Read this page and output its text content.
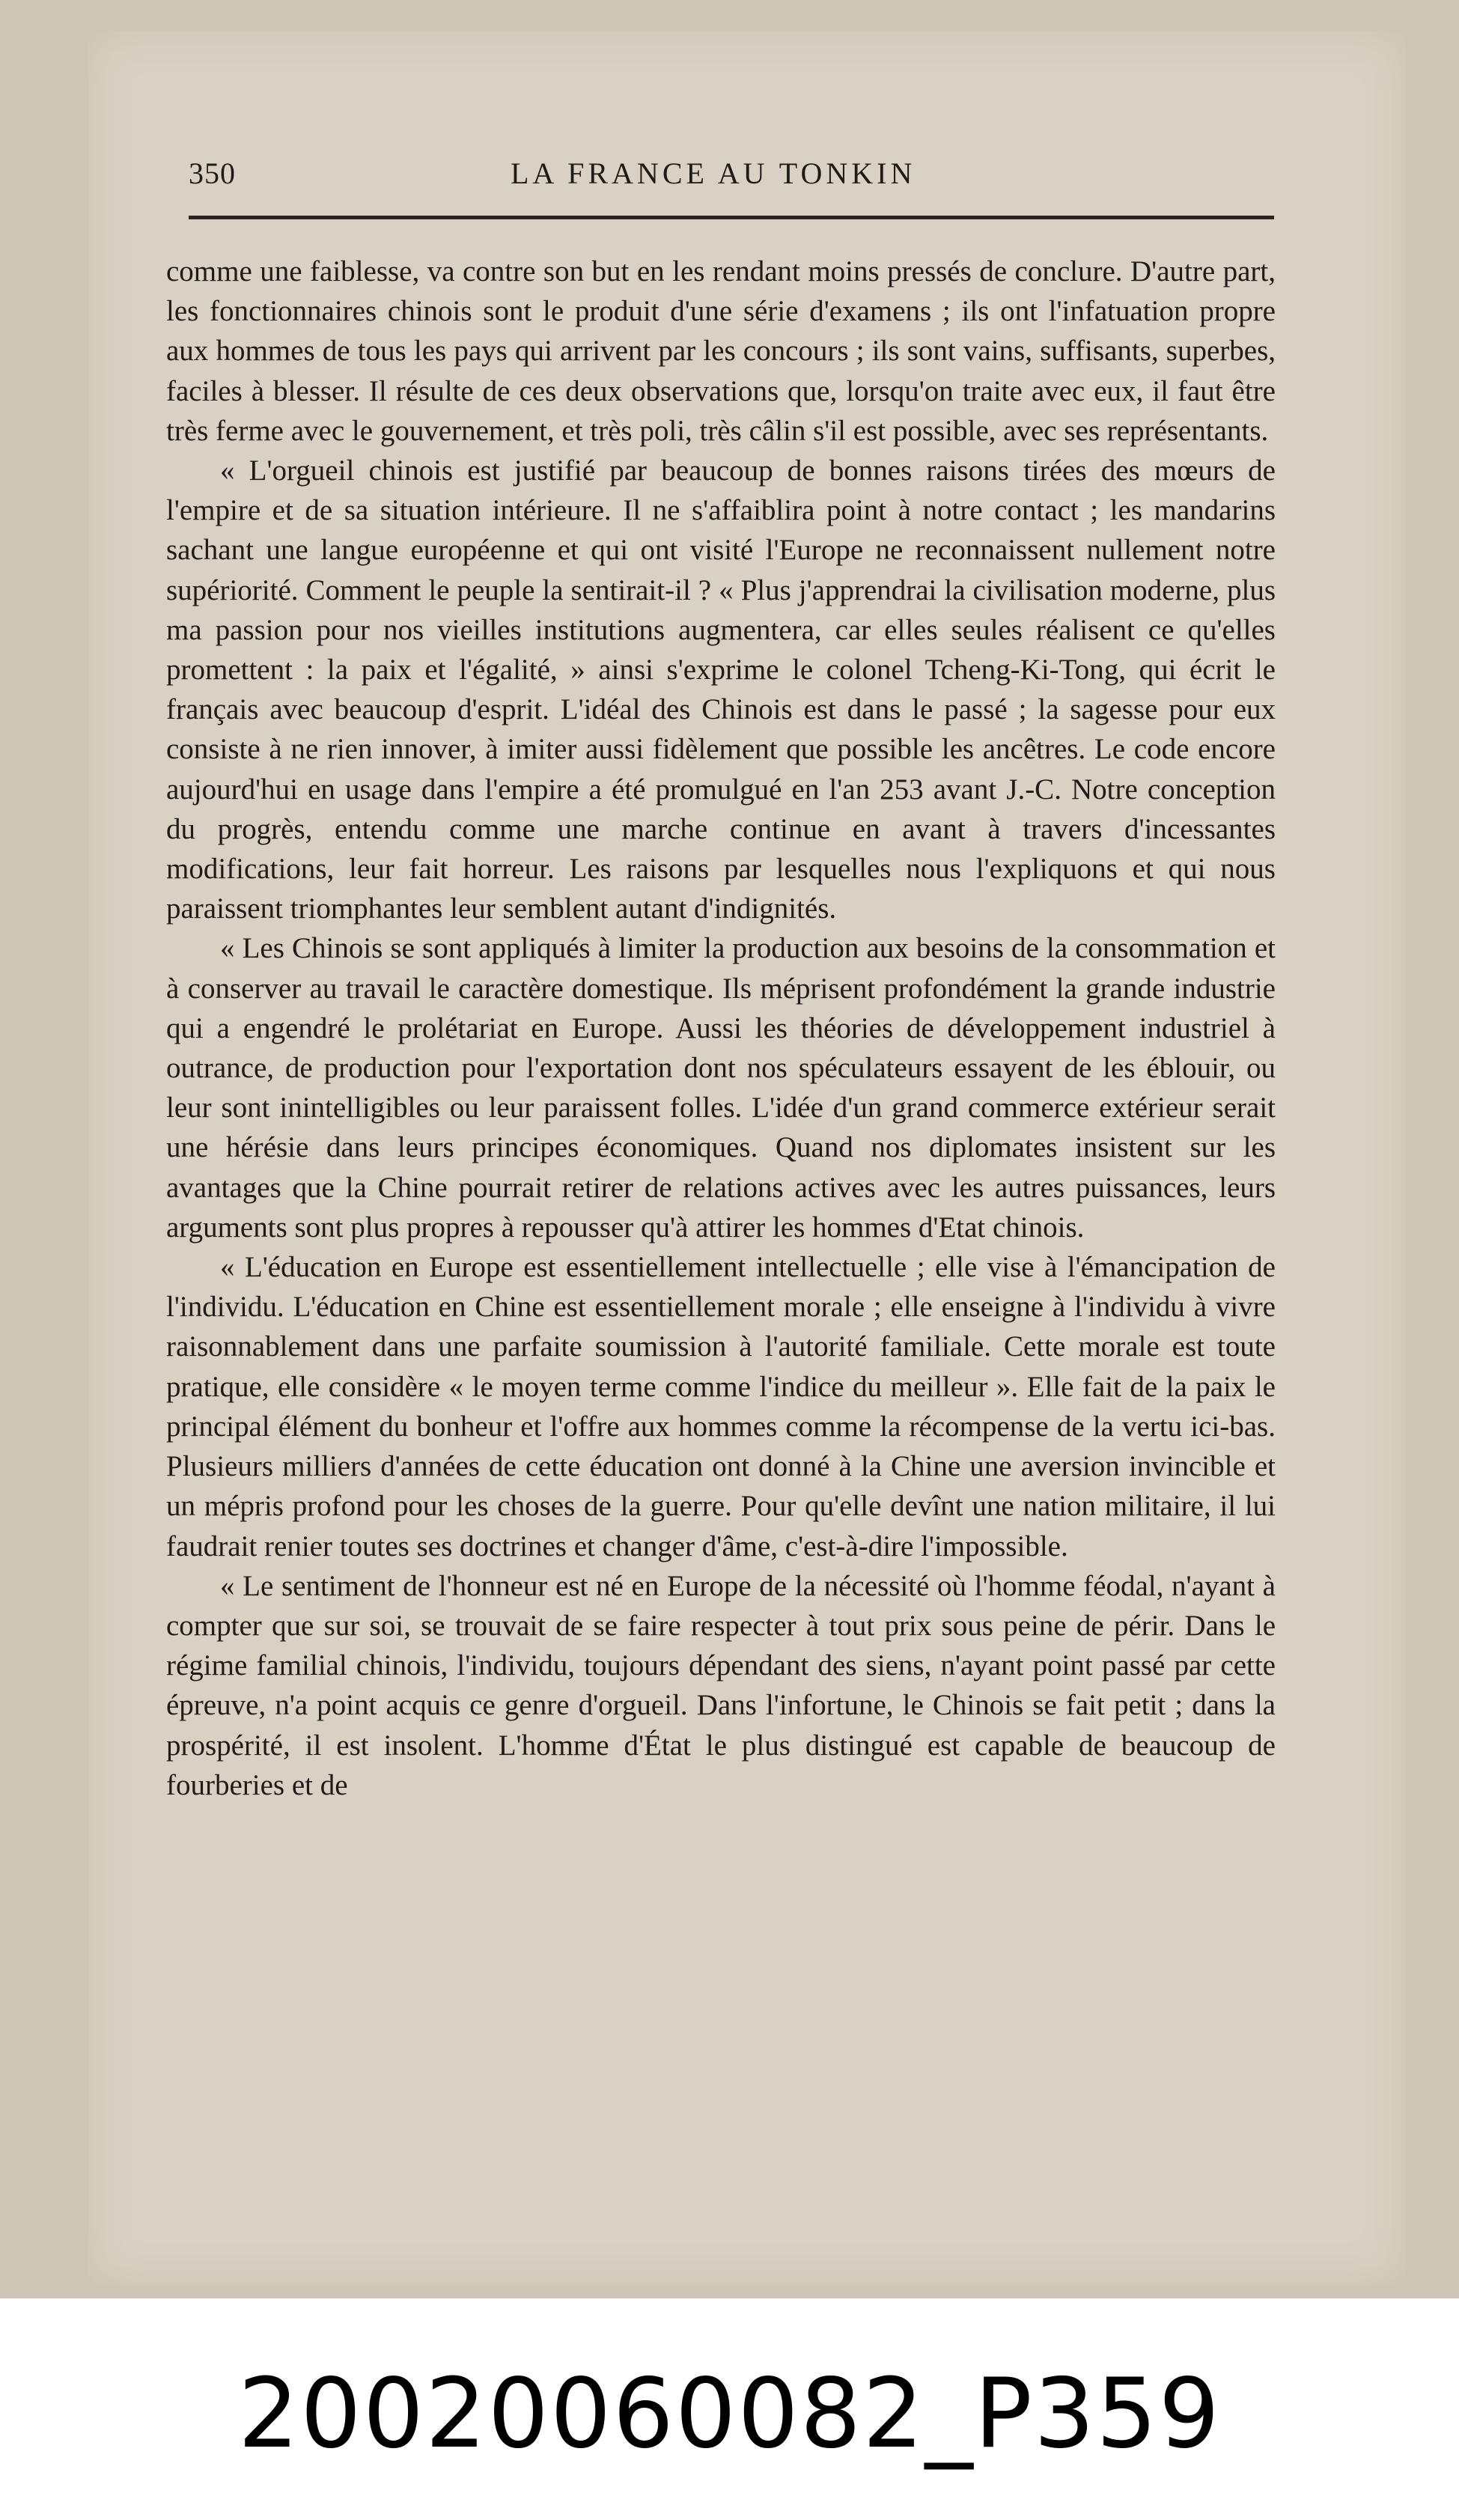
350	LA FRANCE AU TONKIN

comme une faiblesse, va contre son but en les rendant moins pressés de conclure. D'autre part, les fonctionnaires chinois sont le produit d'une série d'examens ; ils ont l'infatuation propre aux hommes de tous les pays qui arrivent par les concours ; ils sont vains, suffisants, superbes, faciles à blesser. Il résulte de ces deux observations que, lorsqu'on traite avec eux, il faut être très ferme avec le gouvernement, et très poli, très câlin s'il est possible, avec ses représentants.

« L'orgueil chinois est justifié par beaucoup de bonnes raisons tirées des mœurs de l'empire et de sa situation intérieure. Il ne s'affaiblira point à notre contact ; les mandarins sachant une langue européenne et qui ont visité l'Europe ne reconnaissent nullement notre supériorité. Comment le peuple la sentirait-il ? « Plus j'apprendrai la civilisation moderne, plus ma passion pour nos vieilles institutions augmentera, car elles seules réalisent ce qu'elles promettent : la paix et l'égalité, » ainsi s'exprime le colonel Tcheng-Ki-Tong, qui écrit le français avec beaucoup d'esprit. L'idéal des Chinois est dans le passé ; la sagesse pour eux consiste à ne rien innover, à imiter aussi fidèlement que possible les ancêtres. Le code encore aujourd'hui en usage dans l'empire a été promulgué en l'an 253 avant J.-C. Notre conception du progrès, entendu comme une marche continue en avant à travers d'incessantes modifications, leur fait horreur. Les raisons par lesquelles nous l'expliquons et qui nous paraissent triomphantes leur semblent autant d'indignités.

« Les Chinois se sont appliqués à limiter la production aux besoins de la consommation et à conserver au travail le caractère domestique. Ils méprisent profondément la grande industrie qui a engendré le prolétariat en Europe. Aussi les théories de développement industriel à outrance, de production pour l'exportation dont nos spéculateurs essayent de les éblouir, ou leur sont inintelligibles ou leur paraissent folles. L'idée d'un grand commerce extérieur serait une hérésie dans leurs principes économiques. Quand nos diplomates insistent sur les avantages que la Chine pourrait retirer de relations actives avec les autres puissances, leurs arguments sont plus propres à repousser qu'à attirer les hommes d'Etat chinois.

« L'éducation en Europe est essentiellement intellectuelle ; elle vise à l'émancipation de l'individu. L'éducation en Chine est essentiellement morale ; elle enseigne à l'individu à vivre raisonnablement dans une parfaite soumission à l'autorité familiale. Cette morale est toute pratique, elle considère « le moyen terme comme l'indice du meilleur ». Elle fait de la paix le principal élément du bonheur et l'offre aux hommes comme la récompense de la vertu ici-bas. Plusieurs milliers d'années de cette éducation ont donné à la Chine une aversion invincible et un mépris profond pour les choses de la guerre. Pour qu'elle devînt une nation militaire, il lui faudrait renier toutes ses doctrines et changer d'âme, c'est-à-dire l'impossible.

« Le sentiment de l'honneur est né en Europe de la nécessité où l'homme féodal, n'ayant à compter que sur soi, se trouvait de se faire respecter à tout prix sous peine de périr. Dans le régime familial chinois, l'individu, toujours dépendant des siens, n'ayant point passé par cette épreuve, n'a point acquis ce genre d'orgueil. Dans l'infortune, le Chinois se fait petit ; dans la prospérité, il est insolent. L'homme d'État le plus distingué est capable de beaucoup de fourberies et de

20020060082_P359
